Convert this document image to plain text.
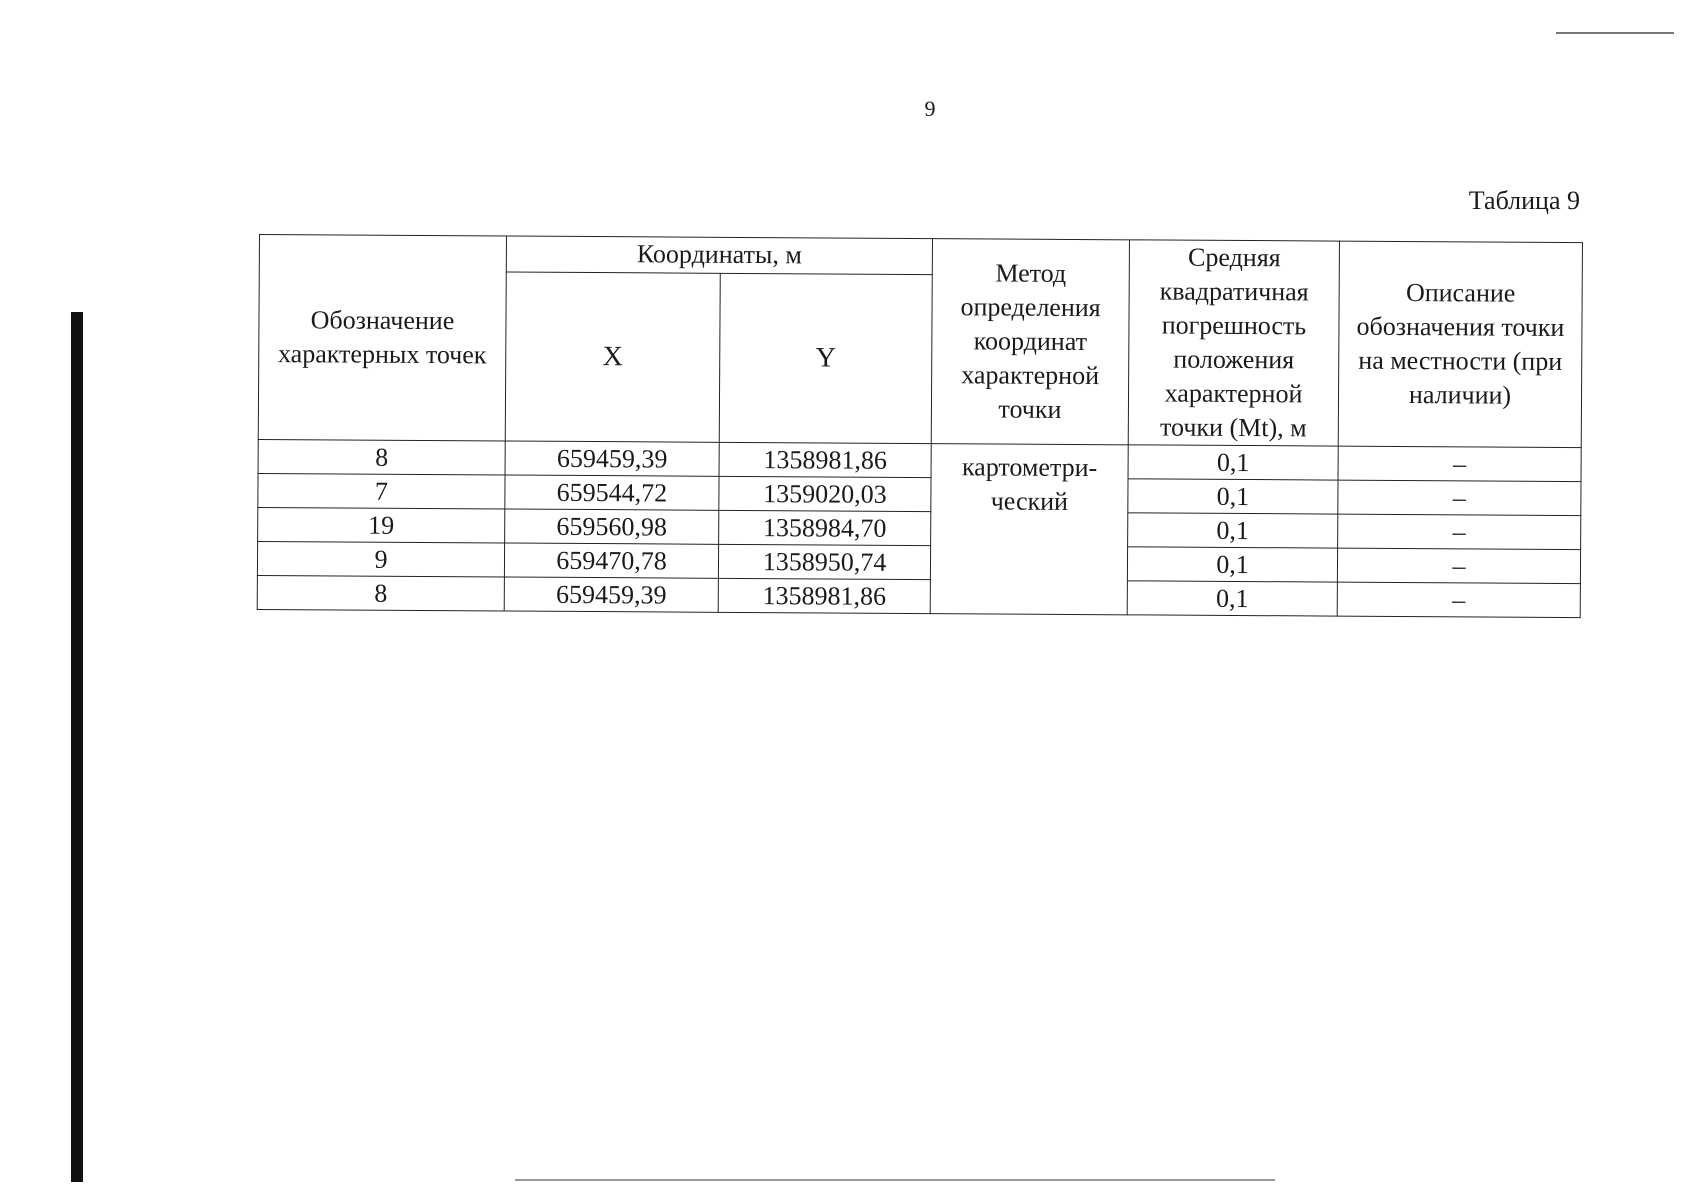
9
Таблица 9
Обозначение характерных точек	Координаты, м		Метод определения координат характерной точки	Средняя квадратичная погрешность положения характерной точки (Mt), м	Описание обозначения точки на местности (при наличии)
	X	Y			
8	659459,39	1358981,86	картометри-ческий	0,1	–
7	659544,72	1359020,03		0,1	–
19	659560,98	1358984,70		0,1	–
9	659470,78	1358950,74		0,1	–
8	659459,39	1358981,86		0,1	–
